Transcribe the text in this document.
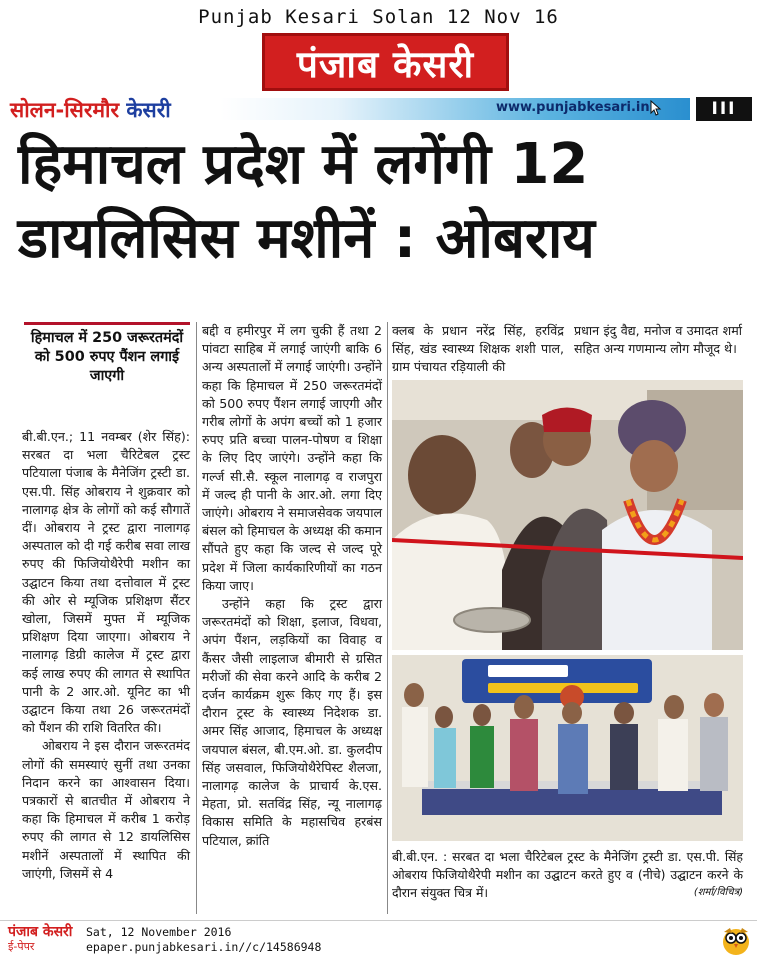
Punjab Kesari Solan 12 Nov 16
पंजाब केसरी
सोलन-सिरमौर केसरी	www.punjabkesari.in	III
हिमाचल प्रदेश में लगेंगी 12
डायलिसिस मशीनें : ओबराय
हिमाचल में 250 जरूरतमंदों को 500 रुपए पैंशन लगाई जाएगी

बी.बी.एन.; 11 नवम्बर (शेर सिंह): सरबत दा भला चैरिटेबल ट्रस्ट पटियाला पंजाब के मैनेजिंग ट्रस्टी डा. एस.पी. सिंह ओबराय ने शुक्रवार को नालागढ़ क्षेत्र के लोगों को कई सौगातें दीं। ओबराय ने ट्रस्ट द्वारा नालागढ़ अस्पताल को दी गई करीब सवा लाख रुपए की फिजियोथैरेपी मशीन का उद्घाटन किया तथा दत्तोवाल में ट्रस्ट की ओर से म्यूजिक प्रशिक्षण सैंटर खोला, जिसमें मुफ्त में म्यूजिक प्रशिक्षण दिया जाएगा। ओबराय ने नालागढ़ डिग्री कालेज में ट्रस्ट द्वारा कई लाख रुपए की लागत से स्थापित पानी के 2 आर.ओ. यूनिट का भी उद्घाटन किया तथा 26 जरूरतमंदों को पैंशन की राशि वितरित की।

ओबराय ने इस दौरान जरूरतमंद लोगों की समस्याएं सुनीं तथा उनका निदान करने का आश्वासन दिया। पत्रकारों से बातचीत में ओबराय ने कहा कि हिमाचल में करीब 1 करोड़ रुपए की लागत से 12 डायलिसिस मशीनें अस्पतालों में स्थापित की जाएंगी, जिसमें से 4

बद्दी व हमीरपुर में लग चुकी हैं तथा 2 पांवटा साहिब में लगाई जाएंगी बाकि 6 अन्य अस्पतालों में लगाई जाएंगी। उन्होंने कहा कि हिमाचल में 250 जरूरतमंदों को 500 रुपए पैंशन लगाई जाएगी और गरीब लोगों के अपंग बच्चों को 1 हजार रुपए प्रति बच्चा पालन-पोषण व शिक्षा के लिए दिए जाएंगे। उन्होंने कहा कि गर्ल्ज सी.सै. स्कूल नालागढ़ व राजपुरा में जल्द ही पानी के आर.ओ. लगा दिए जाएंगे। ओबराय ने समाजसेवक जयपाल बंसल को हिमाचल के अध्यक्ष की कमान सौंपते हुए कहा कि जल्द से जल्द पूरे प्रदेश में जिला कार्यकारिणीयों का गठन किया जाए।

उन्होंने कहा कि ट्रस्ट द्वारा जरूरतमंदों को शिक्षा, इलाज, विधवा, अपंग पैंशन, लड़कियों का विवाह व कैंसर जैसी लाइलाज बीमारी से ग्रसित मरीजों की सेवा करने आदि के करीब 2 दर्जन कार्यक्रम शुरू किए गए हैं। इस दौरान ट्रस्ट के स्वास्थ्य निदेशक डा. अमर सिंह आजाद, हिमाचल के अध्यक्ष जयपाल बंसल, बी.एम.ओ. डा. कुलदीप सिंह जसवाल, फिजियोथैरेपिस्ट शैलजा, नालागढ़ कालेज के प्राचार्य के.एस. मेहता, प्रो. सतविंद्र सिंह, न्यू नालागढ़ विकास समिति के महासचिव हरबंस पटियाल, क्रांति

क्लब के प्रधान नरेंद्र सिंह, हरविंद्र सिंह, खंड स्वास्थ्य शिक्षक शशी पाल, ग्राम पंचायत रड़ियाली की

प्रधान इंदु वैद्य, मनोज व उमादत शर्मा सहित अन्य गणमान्य लोग मौजूद थे।

बी.बी.एन. : सरबत दा भला चैरिटेबल ट्रस्ट के मैनेजिंग ट्रस्टी डा. एस.पी. सिंह ओबराय फिजियोथैरेपी मशीन का उद्घाटन करते हुए व (नीचे) उद्घाटन करने के दौरान संयुक्त चित्र में।	(शर्मा/विचित्र)
पंजाब केसरी
ई-पेपर
Sat, 12 November 2016
epaper.punjabkesari.in//c/14586948
